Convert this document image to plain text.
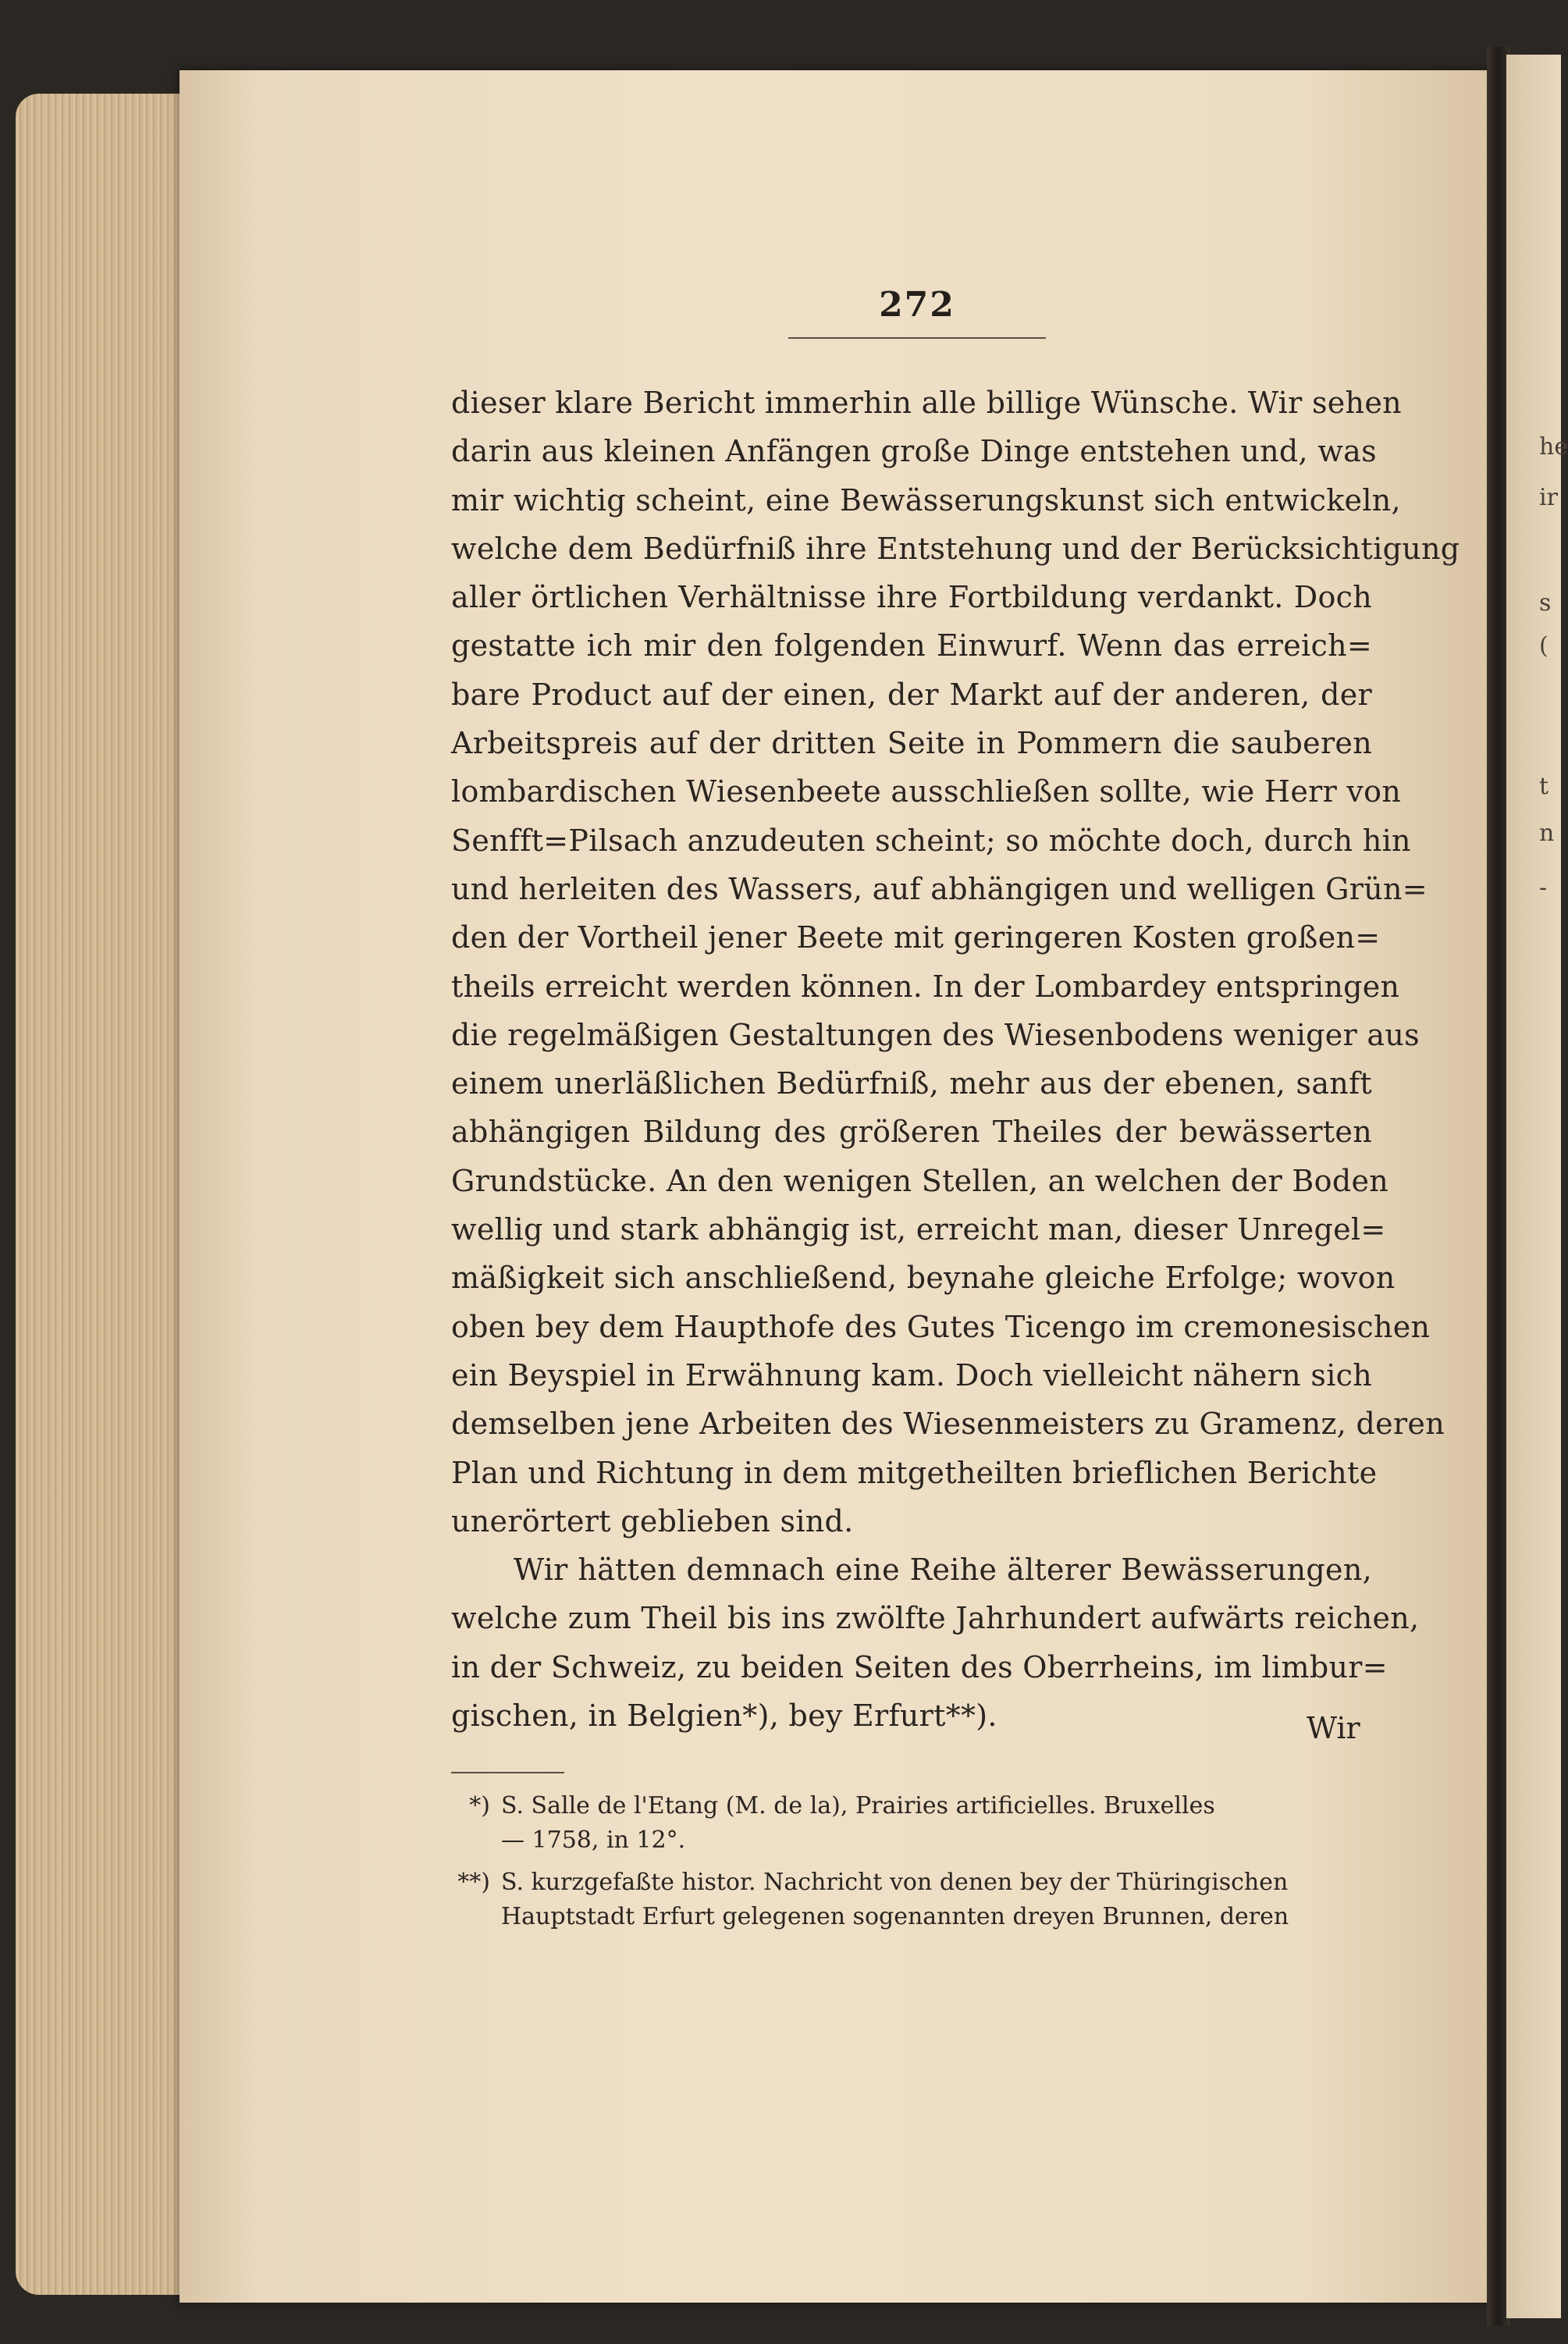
he
ir
s
(
t
n
-
272
dieser klare Bericht immerhin alle billige Wünsche. Wir sehen
darin aus kleinen Anfängen große Dinge entstehen und, was
mir wichtig scheint, eine Bewässerungskunst sich entwickeln,
welche dem Bedürfniß ihre Entstehung und der Berücksichtigung
aller örtlichen Verhältnisse ihre Fortbildung verdankt. Doch
gestatte ich mir den folgenden Einwurf. Wenn das erreich=
bare Product auf der einen, der Markt auf der anderen, der
Arbeitspreis auf der dritten Seite in Pommern die sauberen
lombardischen Wiesenbeete ausschließen sollte, wie Herr von
Senfft=Pilsach anzudeuten scheint; so möchte doch, durch hin
und herleiten des Wassers, auf abhängigen und welligen Grün=
den der Vortheil jener Beete mit geringeren Kosten großen=
theils erreicht werden können. In der Lombardey entspringen
die regelmäßigen Gestaltungen des Wiesenbodens weniger aus
einem unerläßlichen Bedürfniß, mehr aus der ebenen, sanft
abhängigen Bildung des größeren Theiles der bewässerten
Grundstücke. An den wenigen Stellen, an welchen der Boden
wellig und stark abhängig ist, erreicht man, dieser Unregel=
mäßigkeit sich anschließend, beynahe gleiche Erfolge; wovon
oben bey dem Haupthofe des Gutes Ticengo im cremonesischen
ein Beyspiel in Erwähnung kam. Doch vielleicht nähern sich
demselben jene Arbeiten des Wiesenmeisters zu Gramenz, deren
Plan und Richtung in dem mitgetheilten brieflichen Berichte
unerörtert geblieben sind.
Wir hätten demnach eine Reihe älterer Bewässerungen,
welche zum Theil bis ins zwölfte Jahrhundert aufwärts reichen,
in der Schweiz, zu beiden Seiten des Oberrheins, im limbur=
gischen, in Belgien*), bey Erfurt**).	Wir
*) S. Salle de l'Etang (M. de la), Prairies artificielles. Bruxelles
— 1758, in 12°.
**) S. kurzgefaßte histor. Nachricht von denen bey der Thüringischen
Hauptstadt Erfurt gelegenen sogenannten dreyen Brunnen, deren
